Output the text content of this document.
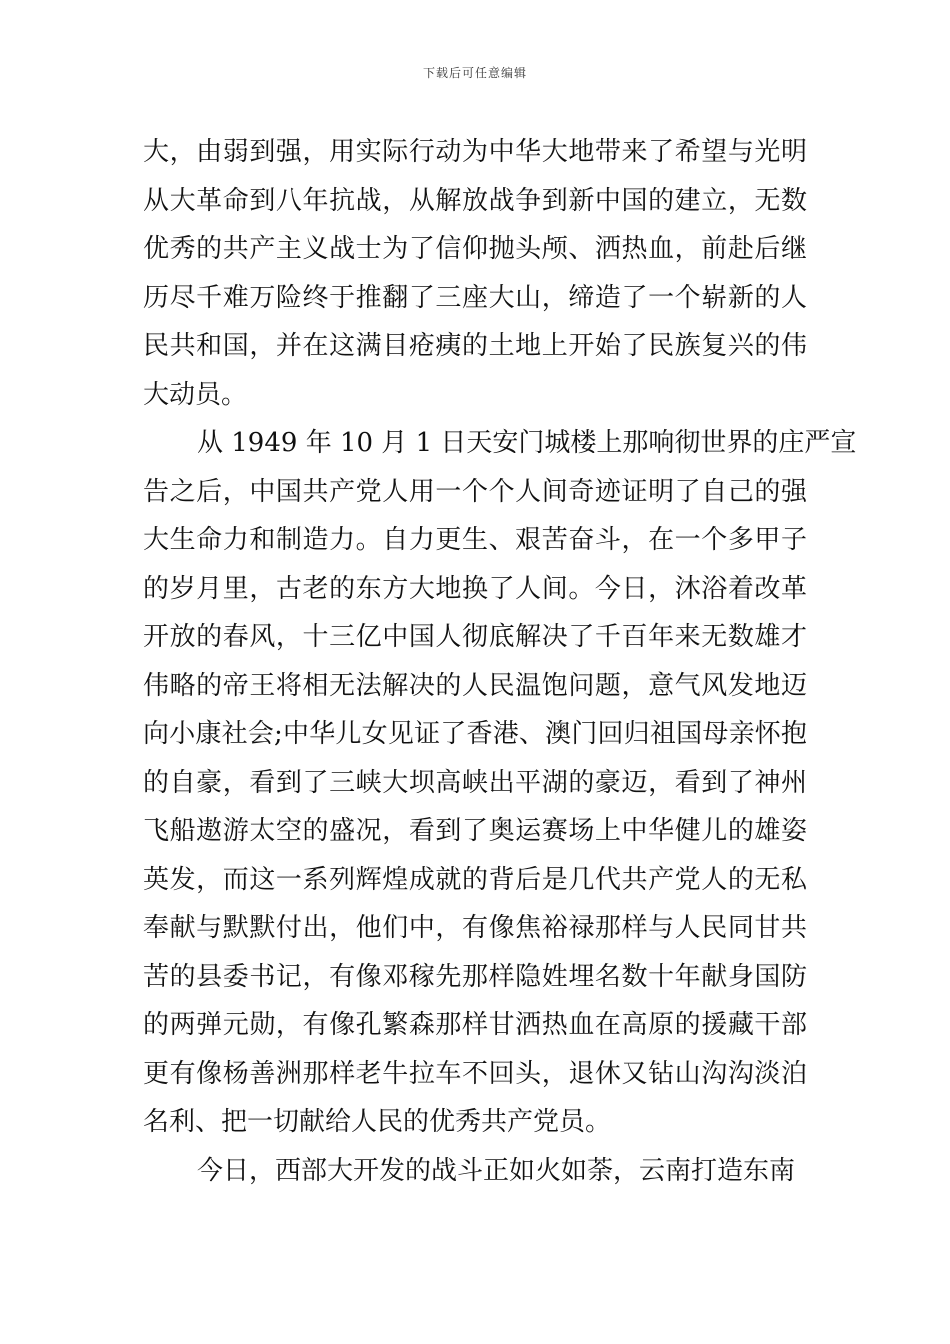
下载后可任意编辑
大，由弱到强，用实际行动为中华大地带来了希望与光明
从大革命到八年抗战，从解放战争到新中国的建立，无数
优秀的共产主义战士为了信仰抛头颅、洒热血，前赴后继
历尽千难万险终于推翻了三座大山，缔造了一个崭新的人
民共和国，并在这满目疮痍的土地上开始了民族复兴的伟
大动员。
从 1949 年 10 月 1 日天安门城楼上那响彻世界的庄严宣
告之后，中国共产党人用一个个人间奇迹证明了自己的强
大生命力和制造力。自力更生、艰苦奋斗，在一个多甲子
的岁月里，古老的东方大地换了人间。今日，沐浴着改革
开放的春风，十三亿中国人彻底解决了千百年来无数雄才
伟略的帝王将相无法解决的人民温饱问题，意气风发地迈
向小康社会;中华儿女见证了香港、澳门回归祖国母亲怀抱
的自豪，看到了三峡大坝高峡出平湖的豪迈，看到了神州
飞船遨游太空的盛况，看到了奥运赛场上中华健儿的雄姿
英发，而这一系列辉煌成就的背后是几代共产党人的无私
奉献与默默付出，他们中，有像焦裕禄那样与人民同甘共
苦的县委书记，有像邓稼先那样隐姓埋名数十年献身国防
的两弹元勋，有像孔繁森那样甘洒热血在高原的援藏干部
更有像杨善洲那样老牛拉车不回头，退休又钻山沟沟淡泊
名利、把一切献给人民的优秀共产党员。
今日，西部大开发的战斗正如火如荼，云南打造东南
